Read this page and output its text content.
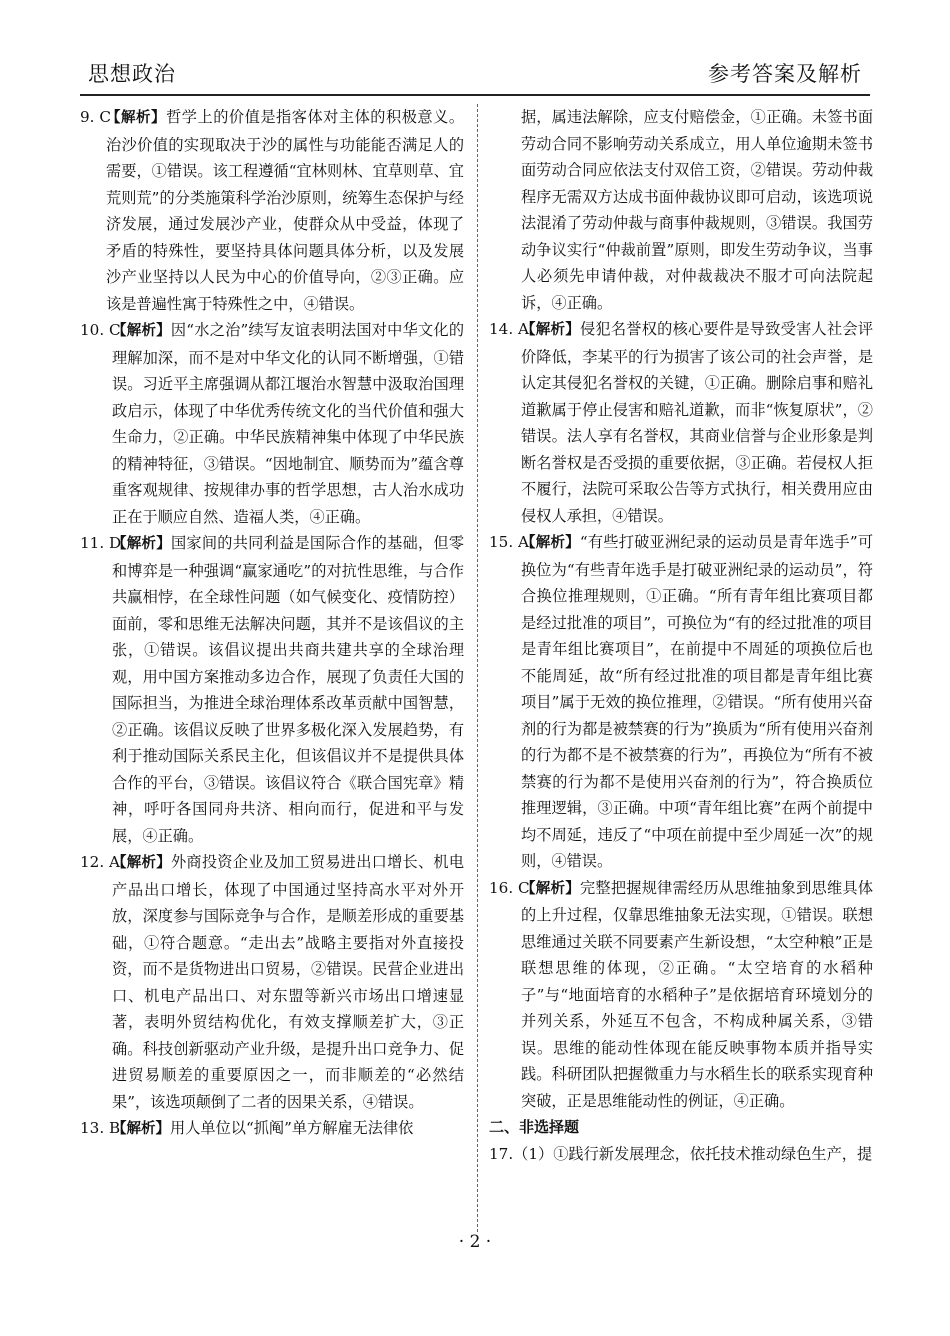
思想政治	参考答案及解析
9. C
【解析】哲学上的价值是指客体对主体的积极意义。治沙价值的实现取决于沙的属性与功能能否满足人的需要，①错误。该工程遵循“宜林则林、宜草则草、宜荒则荒”的分类施策科学治沙原则，统筹生态保护与经济发展，通过发展沙产业，使群众从中受益，体现了矛盾的特殊性，要坚持具体问题具体分析，以及发展沙产业坚持以人民为中心的价值导向，②③正确。应该是普遍性寓于特殊性之中，④错误。
10. C
【解析】因“水之治”续写友谊表明法国对中华文化的理解加深，而不是对中华文化的认同不断增强，①错误。习近平主席强调从都江堰治水智慧中汲取治国理政启示，体现了中华优秀传统文化的当代价值和强大生命力，②正确。中华民族精神集中体现了中华民族的精神特征，③错误。“因地制宜、顺势而为”蕴含尊重客观规律、按规律办事的哲学思想，古人治水成功正在于顺应自然、造福人类，④正确。
11. D
【解析】国家间的共同利益是国际合作的基础，但零和博弈是一种强调“赢家通吃”的对抗性思维，与合作共赢相悖，在全球性问题（如气候变化、疫情防控）面前，零和思维无法解决问题，其并不是该倡议的主张，①错误。该倡议提出共商共建共享的全球治理观，用中国方案推动多边合作，展现了负责任大国的国际担当，为推进全球治理体系改革贡献中国智慧，②正确。该倡议反映了世界多极化深入发展趋势，有利于推动国际关系民主化，但该倡议并不是提供具体合作的平台，③错误。该倡议符合《联合国宪章》精神，呼吁各国同舟共济、相向而行，促进和平与发展，④正确。
12. A
【解析】外商投资企业及加工贸易进出口增长、机电产品出口增长，体现了中国通过坚持高水平对外开放，深度参与国际竞争与合作，是顺差形成的重要基础，①符合题意。“走出去”战略主要指对外直接投资，而不是货物进出口贸易，②错误。民营企业进出口、机电产品出口、对东盟等新兴市场出口增速显著，表明外贸结构优化，有效支撑顺差扩大，③正确。科技创新驱动产业升级，是提升出口竞争力、促进贸易顺差的重要原因之一，而非顺差的“必然结果”，该选项颠倒了二者的因果关系，④错误。
13. B
【解析】用人单位以“抓阄”单方解雇无法律依
据，属违法解除，应支付赔偿金，①正确。未签书面劳动合同不影响劳动关系成立，用人单位逾期未签书面劳动合同应依法支付双倍工资，②错误。劳动仲裁程序无需双方达成书面仲裁协议即可启动，该选项说法混淆了劳动仲裁与商事仲裁规则，③错误。我国劳动争议实行“仲裁前置”原则，即发生劳动争议，当事人必须先申请仲裁，对仲裁裁决不服才可向法院起诉，④正确。
14. A
【解析】侵犯名誉权的核心要件是导致受害人社会评价降低，李某平的行为损害了该公司的社会声誉，是认定其侵犯名誉权的关键，①正确。删除启事和赔礼道歉属于停止侵害和赔礼道歉，而非“恢复原状”，②错误。法人享有名誉权，其商业信誉与企业形象是判断名誉权是否受损的重要依据，③正确。若侵权人拒不履行，法院可采取公告等方式执行，相关费用应由侵权人承担，④错误。
15. A
【解析】“有些打破亚洲纪录的运动员是青年选手”可换位为“有些青年选手是打破亚洲纪录的运动员”，符合换位推理规则，①正确。“所有青年组比赛项目都是经过批准的项目”，可换位为“有的经过批准的项目是青年组比赛项目”，在前提中不周延的项换位后也不能周延，故“所有经过批准的项目都是青年组比赛项目”属于无效的换位推理，②错误。“所有使用兴奋剂的行为都是被禁赛的行为”换质为“所有使用兴奋剂的行为都不是不被禁赛的行为”，再换位为“所有不被禁赛的行为都不是使用兴奋剂的行为”，符合换质位推理逻辑，③正确。中项“青年组比赛”在两个前提中均不周延，违反了“中项在前提中至少周延一次”的规则，④错误。
16. C
【解析】完整把握规律需经历从思维抽象到思维具体的上升过程，仅靠思维抽象无法实现，①错误。联想思维通过关联不同要素产生新设想，“太空种粮”正是联想思维的体现，②正确。“太空培育的水稻种子”与“地面培育的水稻种子”是依据培育环境划分的并列关系，外延互不包含，不构成种属关系，③错误。思维的能动性体现在能反映事物本质并指导实践。科研团队把握微重力与水稻生长的联系实现育种突破，正是思维能动性的例证，④正确。
二、非选择题
17.（1）①践行新发展理念，依托技术推动绿色生产，提
· 2 ·
